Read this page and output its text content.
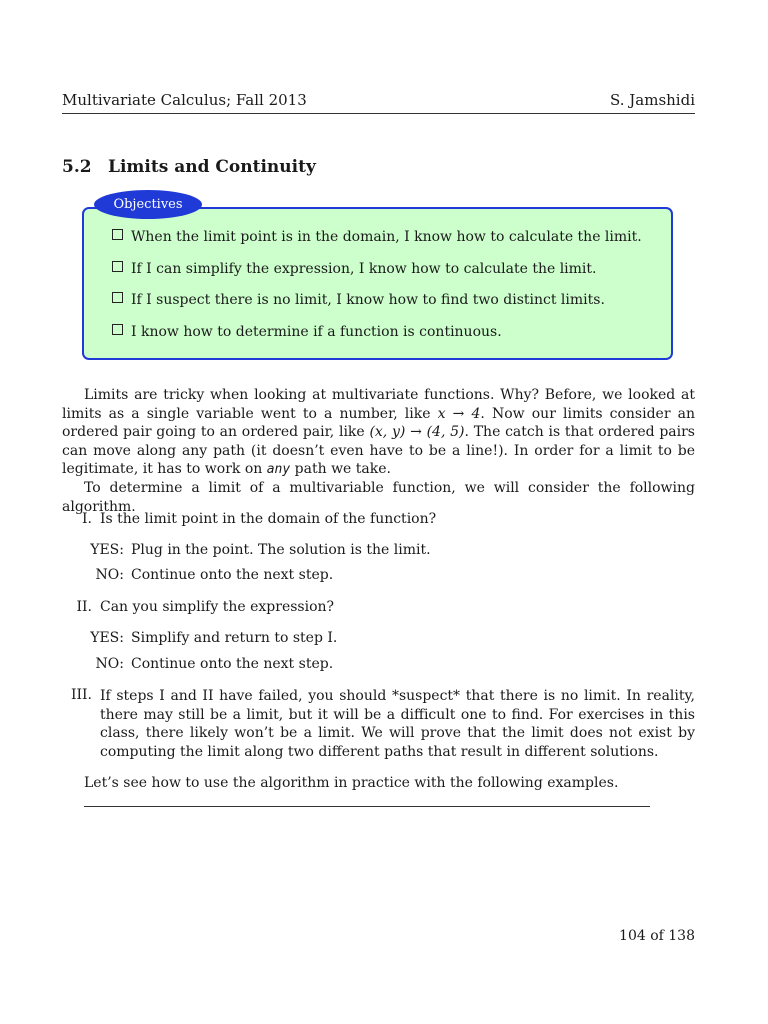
Multivariate Calculus; Fall 2013	S. Jamshidi
5.2 Limits and Continuity
Objectives
When the limit point is in the domain, I know how to calculate the limit.
If I can simplify the expression, I know how to calculate the limit.
If I suspect there is no limit, I know how to find two distinct limits.
I know how to determine if a function is continuous.

Limits are tricky when looking at multivariate functions. Why? Before, we looked at limits as a single variable went to a number, like x → 4. Now our limits consider an ordered pair going to an ordered pair, like (x, y) → (4, 5). The catch is that ordered pairs can move along any path (it doesn’t even have to be a line!). In order for a limit to be legitimate, it has to work on any path we take.

To determine a limit of a multivariable function, we will consider the following algorithm.

I. Is the limit point in the domain of the function?
YES: Plug in the point. The solution is the limit.
NO: Continue onto the next step.
II. Can you simplify the expression?
YES: Simplify and return to step I.
NO: Continue onto the next step.
III. If steps I and II have failed, you should *suspect* that there is no limit. In reality, there may still be a limit, but it will be a difficult one to find. For exercises in this class, there likely won’t be a limit. We will prove that the limit does not exist by computing the limit along two different paths that result in different solutions.

Let’s see how to use the algorithm in practice with the following examples.
104 of 138
